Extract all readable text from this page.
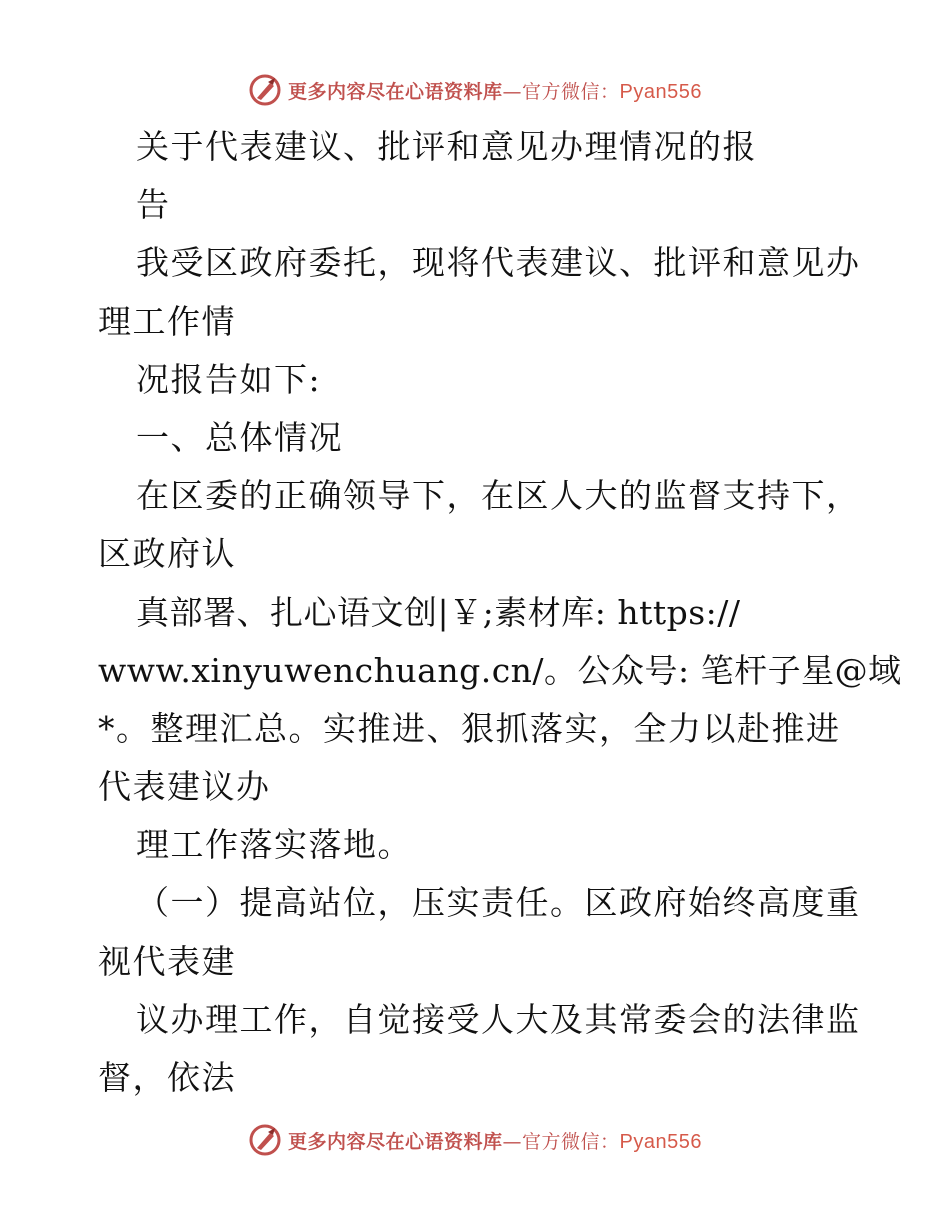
更多内容尽在心语资料库—官方微信：Pyan556
关于代表建议、批评和意见办理情况的报
告
我受区政府委托，现将代表建议、批评和意见办
理工作情
况报告如下:
一、总体情况
在区委的正确领导下，在区人大的监督支持下，
区政府认
真部署、扎心语文创|￥;素材库: https://
www.xinyuwenchuang.cn/。公众号: 笔杆子星@域
*。整理汇总。实推进、狠抓落实，全力以赴推进
代表建议办
理工作落实落地。
（一）提高站位，压实责任。区政府始终高度重
视代表建
议办理工作，自觉接受人大及其常委会的法律监
督，依法
更多内容尽在心语资料库—官方微信：Pyan556
